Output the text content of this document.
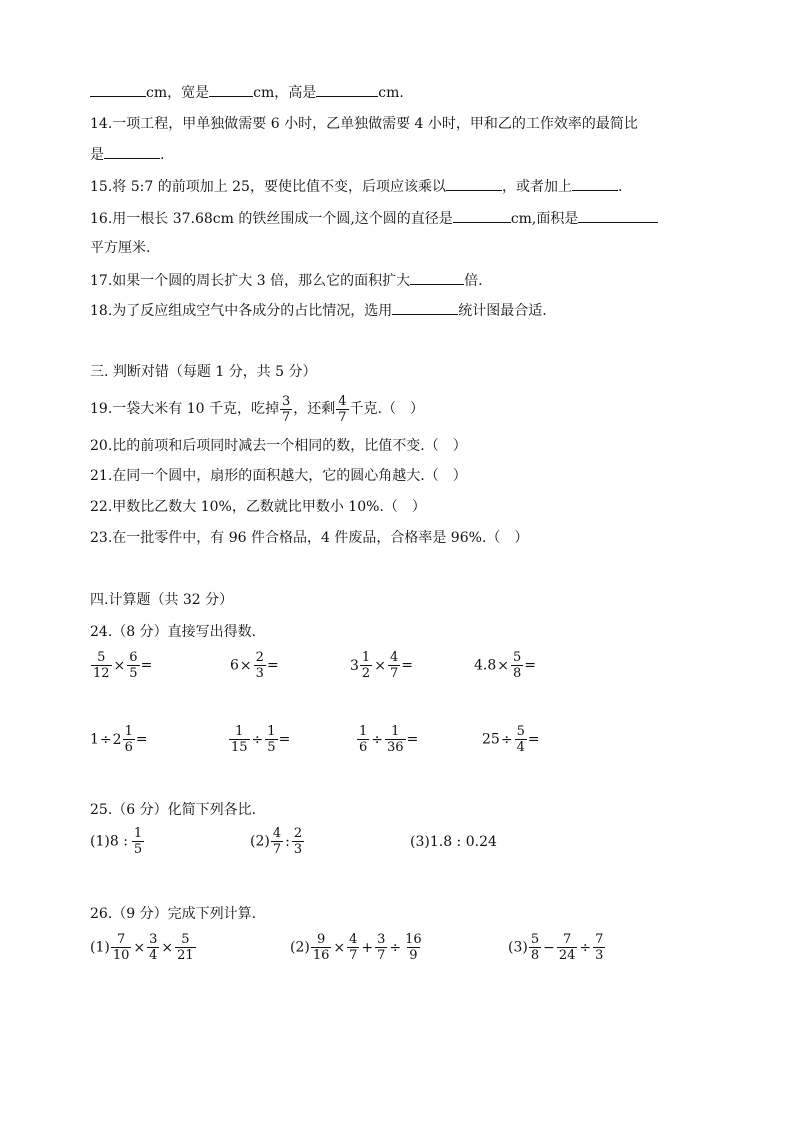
cm，宽是	cm，高是	cm.
14.一项工程，甲单独做需要 6 小时，乙单独做需要 4 小时，甲和乙的工作效率的最简比
是	.
15.将 5:7 的前项加上 25，要使比值不变，后项应该乘以	，或者加上	.
16.用一根长 37.68cm 的铁丝围成一个圆,这个圆的直径是	cm,面积是
平方厘米.
17.如果一个圆的周长扩大 3 倍，那么它的面积扩大	倍.
18.为了反应组成空气中各成分的占比情况，选用	统计图最合适.
三. 判断对错（每题 1 分，共 5 分）
19.一袋大米有 10 千克，吃掉 $\frac{3}{7}$ ，还剩 $\frac{4}{7}$ 千克.（　）
20.比的前项和后项同时减去一个相同的数，比值不变.（　）
21.在同一个圆中，扇形的面积越大，它的圆心角越大.（　）
22.甲数比乙数大 10%，乙数就比甲数小 10%.（　）
23.在一批零件中，有 96 件合格品，4 件废品，合格率是 96%.（　）
四.计算题（共 32 分）
24.（8 分）直接写出得数.
$\frac{5}{12} \times \frac{6}{5}$ =	$6\times \frac{2}{3}$ =	$3 \frac{1}{2} \times \frac{4}{7}$ =	$4.8\times \frac{5}{8}$ =
$1\div 2 \frac{1}{6}$ =	$\frac{1}{15} \div \frac{1}{5}$ =	$\frac{1}{6} \div \frac{1}{36}$ =	$25\div \frac{5}{4}$ =
25.（6 分）化简下列各比.
(1)8 : $\frac{1}{5}$	$(2) \frac{4}{7}$ : $\frac{2}{3}$	(3)1.8 : 0.24
26.（9 分）完成下列计算.
$(1) \frac{7}{10} \times \frac{3}{4} \times \frac{5}{21}$	$(2) \frac{9}{16} \times \frac{4}{7} + \frac{3}{7} \div \frac{16}{9}$	$(3) \frac{5}{8} - \frac{7}{24} \div \frac{7}{3}$
